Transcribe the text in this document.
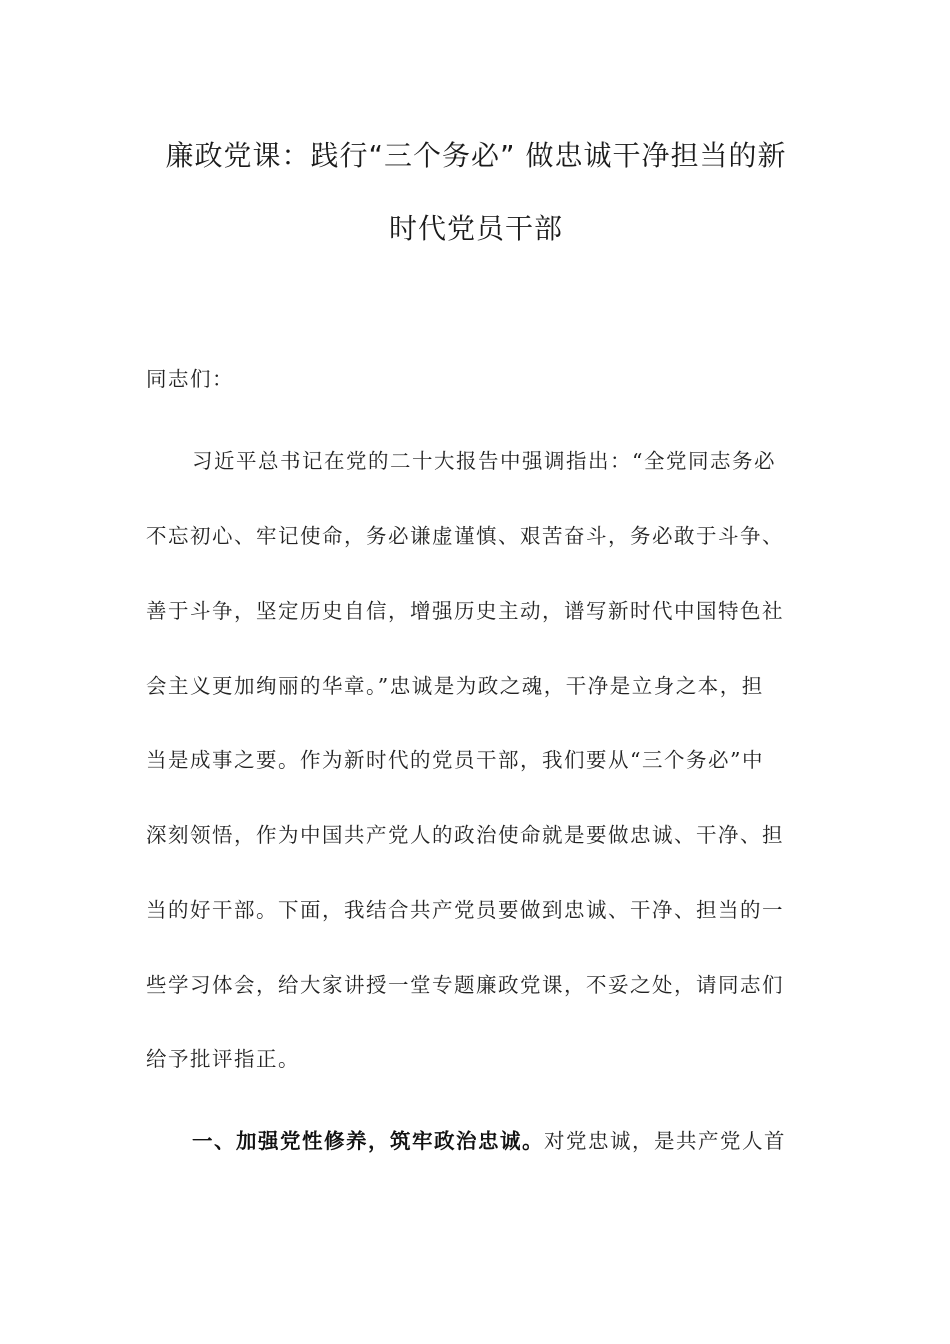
廉政党课：践行“三个务必” 做忠诚干净担当的新
时代党员干部
同志们：
习近平总书记在党的二十大报告中强调指出：“全党同志务必
不忘初心、牢记使命，务必谦虚谨慎、艰苦奋斗，务必敢于斗争、
善于斗争，坚定历史自信，增强历史主动，谱写新时代中国特色社
会主义更加绚丽的华章。”忠诚是为政之魂，干净是立身之本，担
当是成事之要。作为新时代的党员干部，我们要从“三个务必”中
深刻领悟，作为中国共产党人的政治使命就是要做忠诚、干净、担
当的好干部。下面，我结合共产党员要做到忠诚、干净、担当的一
些学习体会，给大家讲授一堂专题廉政党课，不妥之处，请同志们
给予批评指正。
一、加强党性修养，筑牢政治忠诚。对党忠诚，是共产党人首
